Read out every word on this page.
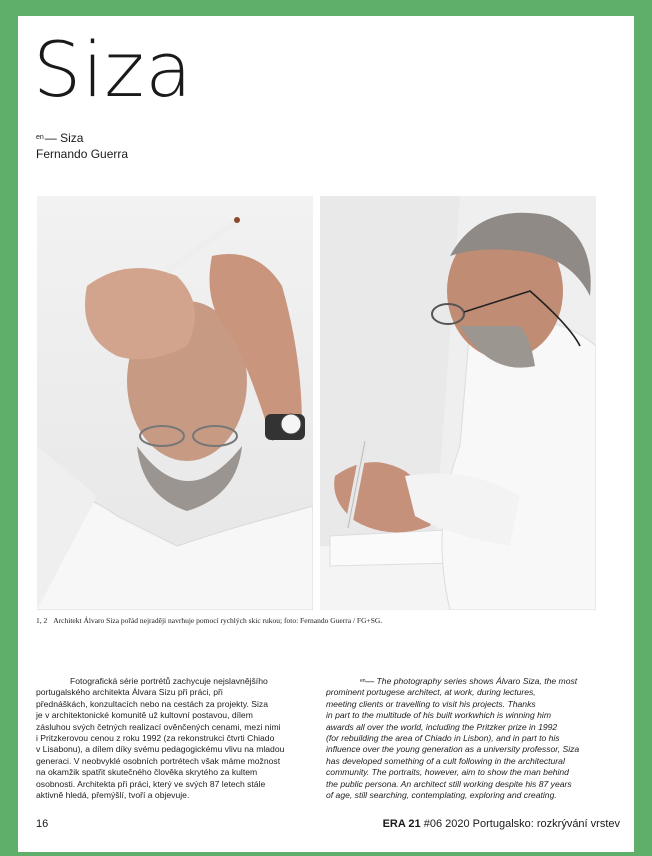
Siza
$^{en}$— Siza
Fernando Guerra
1, 2 Architekt Álvaro Siza pořád nejraději navrhuje pomocí rychlých skic rukou; foto: Fernando Guerra / FG+SG.
Fotografická série portrétů zachycuje nejslavnějšího
portugalského architekta Álvara Sizu při práci, při
přednáškách, konzultacích nebo na cestách za projekty. Siza
je v architektonické komunitě už kultovní postavou, dílem
zásluhou svých četných realizací ověnčených cenami, mezi nimi
i Pritzkerovou cenou z roku 1992 (za rekonstrukci čtvrti Chiado
v Lisabonu), a dílem díky svému pedagogickému vlivu na mladou
generaci. V neobvyklé osobních portrétech však máme možnost
na okamžik spatřit skutečného člověka skrytého za kultem
osobnosti. Architekta při práci, který ve svých 87 letech stále
aktivně hledá, přemýšlí, tvoří a objevuje.
$^{en}$— The photography series shows Álvaro Siza, the most
prominent portugese architect, at work, during lectures,
meeting clients or travelling to visit his projects. Thanks
in part to the multitude of his built workwhich is winning him
awards all over the world, including the Pritzker prize in 1992
(for rebuilding the area of Chiado in Lisbon), and in part to his
influence over the young generation as a university professor, Siza
has developed something of a cult following in the architectural
community. The portraits, however, aim to show the man behind
the public persona. An architect still working despite his 87 years
of age, still searching, contemplating, exploring and creating.
16	ERA 21 #06 2020 Portugalsko: rozkrývání vrstev
